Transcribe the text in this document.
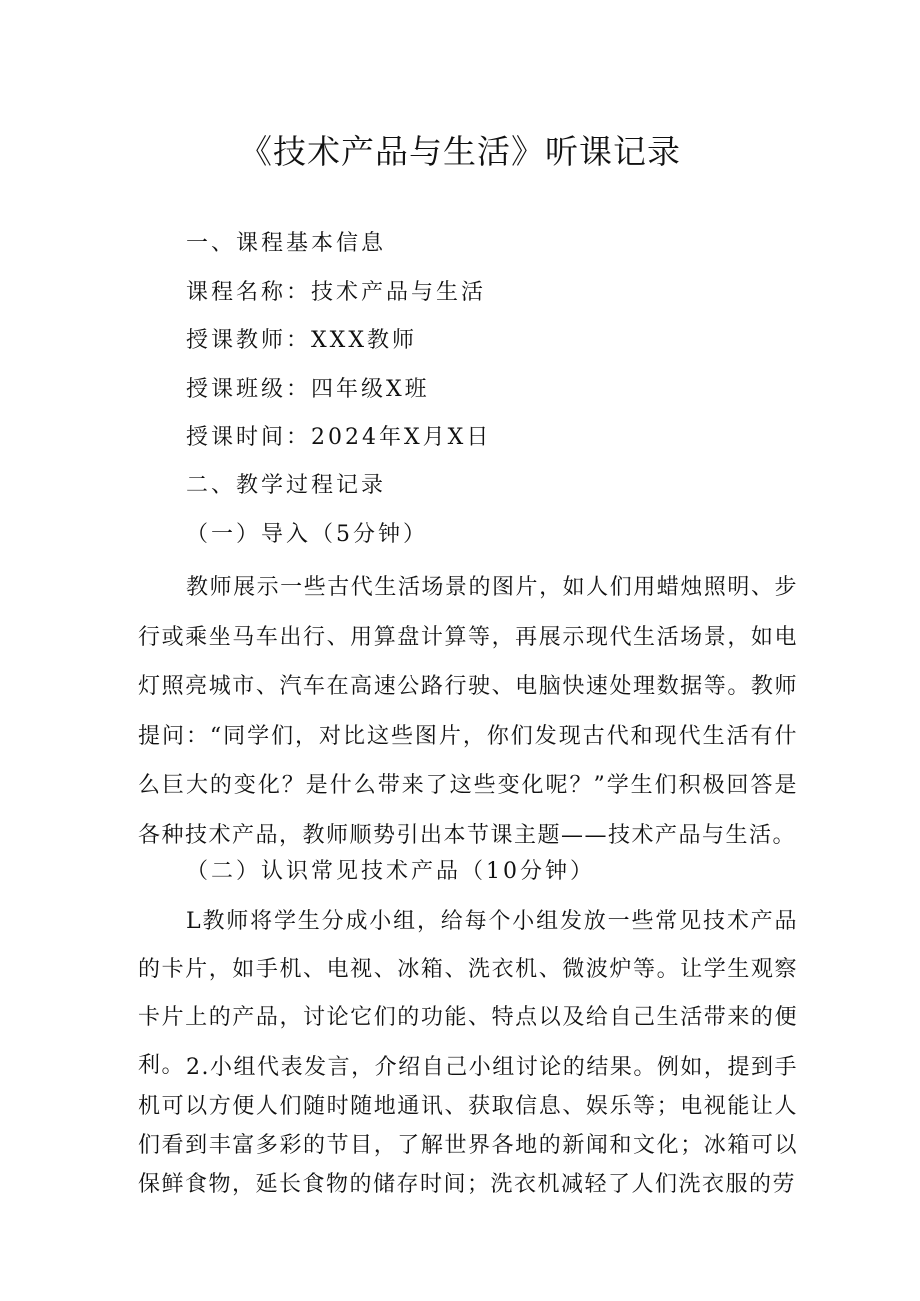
《技术产品与生活》听课记录
一、课程基本信息
课程名称：技术产品与生活
授课教师：XXX教师
授课班级：四年级X班
授课时间：2024年X月X日
二、教学过程记录
（一）导入（5分钟）
教师展示一些古代生活场景的图片，如人们用蜡烛照明、步行或乘坐马车出行、用算盘计算等，再展示现代生活场景，如电灯照亮城市、汽车在高速公路行驶、电脑快速处理数据等。教师提问：“同学们，对比这些图片，你们发现古代和现代生活有什么巨大的变化？是什么带来了这些变化呢？”学生们积极回答是各种技术产品，教师顺势引出本节课主题——技术产品与生活。
（二）认识常见技术产品（10分钟）
L教师将学生分成小组，给每个小组发放一些常见技术产品的卡片，如手机、电视、冰箱、洗衣机、微波炉等。让学生观察卡片上的产品，讨论它们的功能、特点以及给自己生活带来的便利。 2.小组代表发言，介绍自己小组讨论的结果。例如，提到手机可以方便人们随时随地通讯、获取信息、娱乐等；电视能让人们看到丰富多彩的节目，了解世界各地的新闻和文化；冰箱可以保鲜食物，延长食物的储存时间；洗衣机减轻了人们洗衣服的劳
